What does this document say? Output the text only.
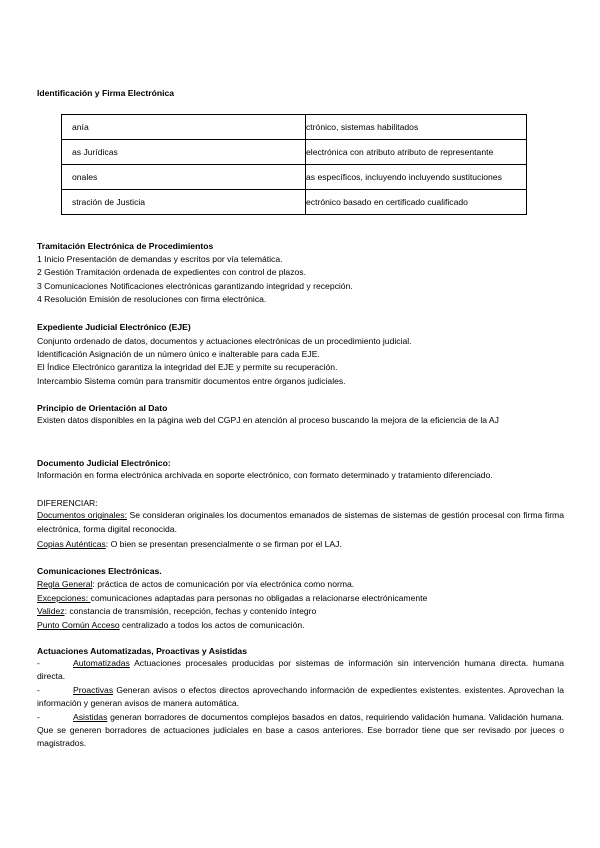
Identificación y Firma Electrónica
anía	ctrónico, sistemas habilitados
as Jurídicas	electrónica con atributo atributo de representante
onales	as específicos, incluyendo incluyendo sustituciones
stración de Justicia	ectrónico basado en certificado cualificado
Tramitación Electrónica de Procedimientos
1 Inicio Presentación de demandas y escritos por vía telemática.
2 Gestión Tramitación ordenada de expedientes con control de plazos.
3 Comunicaciones Notificaciones electrónicas garantizando integridad y recepción.
4 Resolución Emisión de resoluciones con firma electrónica.
Expediente Judicial Electrónico (EJE)
Conjunto ordenado de datos, documentos y actuaciones electrónicas de un procedimiento judicial.
Identificación Asignación de un número único e inalterable para cada EJE.
El Índice Electrónico garantiza la integridad del EJE y permite su recuperación.
Intercambio Sistema común para transmitir documentos entre órganos judiciales.
Principio de Orientación al Dato
Existen datos disponibles en la página web del CGPJ en atención al proceso buscando la mejora de la eficiencia de la AJ
Documento Judicial Electrónico:
Información en forma electrónica archivada en soporte electrónico, con formato determinado y tratamiento diferenciado.
DIFERENCIAR:
Documentos originales: Se consideran originales los documentos emanados de sistemas de sistemas de gestión procesal con firma firma electrónica, forma digital reconocida.
Copias Auténticas: O bien se presentan presencialmente o se firman por el LAJ.
Comunicaciones Electrónicas.
Regla General: práctica de actos de comunicación por vía electrónica como norma.
Excepciones: comunicaciones adaptadas para personas no obligadas a relacionarse electrónicamente
Validez: constancia de transmisión, recepción, fechas y contenido íntegro
Punto Común Acceso centralizado a todos los actos de comunicación.
Actuaciones Automatizadas, Proactivas y Asistidas
-	Automatizadas Actuaciones procesales producidas por sistemas de información sin intervención humana directa. humana directa.
-	Proactivas Generan avisos o efectos directos aprovechando información de expedientes existentes. existentes. Aprovechan la información y generan avisos de manera automática.
-	Asistidas generan borradores de documentos complejos basados en datos, requiriendo validación humana. Validación humana. Que se generen borradores de actuaciones judiciales en base a casos anteriores. Ese borrador tiene que ser revisado por jueces o magistrados.
